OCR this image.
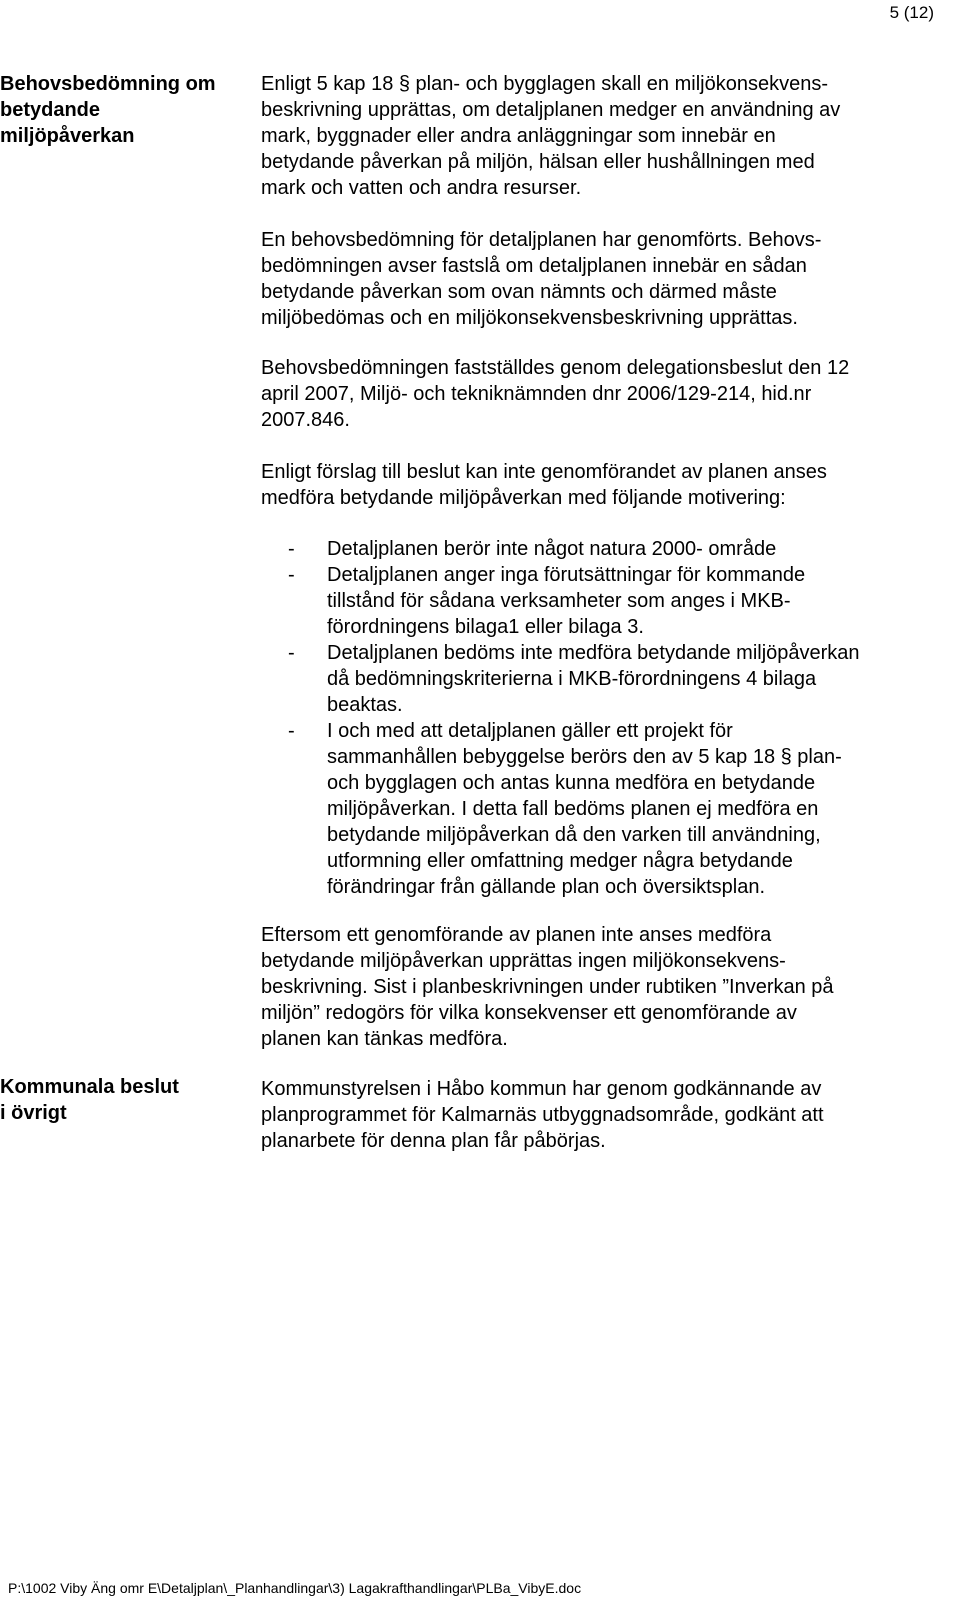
5 (12)
Behovsbedömning om
betydande
miljöpåverkan

Enligt 5 kap 18 § plan- och bygglagen skall en miljökonsekvens-
beskrivning upprättas, om detaljplanen medger en användning av
mark, byggnader eller andra anläggningar som innebär en
betydande påverkan på miljön, hälsan eller hushållningen med
mark och vatten och andra resurser.

En behovsbedömning för detaljplanen har genomförts. Behovs-
bedömningen avser fastslå om detaljplanen innebär en sådan
betydande påverkan som ovan nämnts och därmed måste
miljöbedömas och en miljökonsekvensbeskrivning upprättas.

Behovsbedömningen fastställdes genom delegationsbeslut den 12
april 2007, Miljö- och tekniknämnden dnr 2006/129-214, hid.nr
2007.846.

Enligt förslag till beslut kan inte genomförandet av planen anses
medföra betydande miljöpåverkan med följande motivering:

- Detaljplanen berör inte något natura 2000- område
- Detaljplanen anger inga förutsättningar för kommande
tillstånd för sådana verksamheter som anges i MKB-
förordningens bilaga1 eller bilaga 3.
- Detaljplanen bedöms inte medföra betydande miljöpåverkan
då bedömningskriterierna i MKB-förordningens 4 bilaga
beaktas.
- I och med att detaljplanen gäller ett projekt för
sammanhållen bebyggelse berörs den av 5 kap 18 § plan-
och bygglagen och antas kunna medföra en betydande
miljöpåverkan. I detta fall bedöms planen ej medföra en
betydande miljöpåverkan då den varken till användning,
utformning eller omfattning medger några betydande
förändringar från gällande plan och översiktsplan.

Eftersom ett genomförande av planen inte anses medföra
betydande miljöpåverkan upprättas ingen miljökonsekvens-
beskrivning. Sist i planbeskrivningen under rubtiken ”Inverkan på
miljön” redogörs för vilka konsekvenser ett genomförande av
planen kan tänkas medföra.

Kommunala beslut
i övrigt

Kommunstyrelsen i Håbo kommun har genom godkännande av
planprogrammet för Kalmarnäs utbyggnadsområde, godkänt att
planarbete för denna plan får påbörjas.

P:\1002 Viby Äng omr E\Detaljplan\_Planhandlingar\3) Lagakrafthandlingar\PLBa_VibyE.doc
